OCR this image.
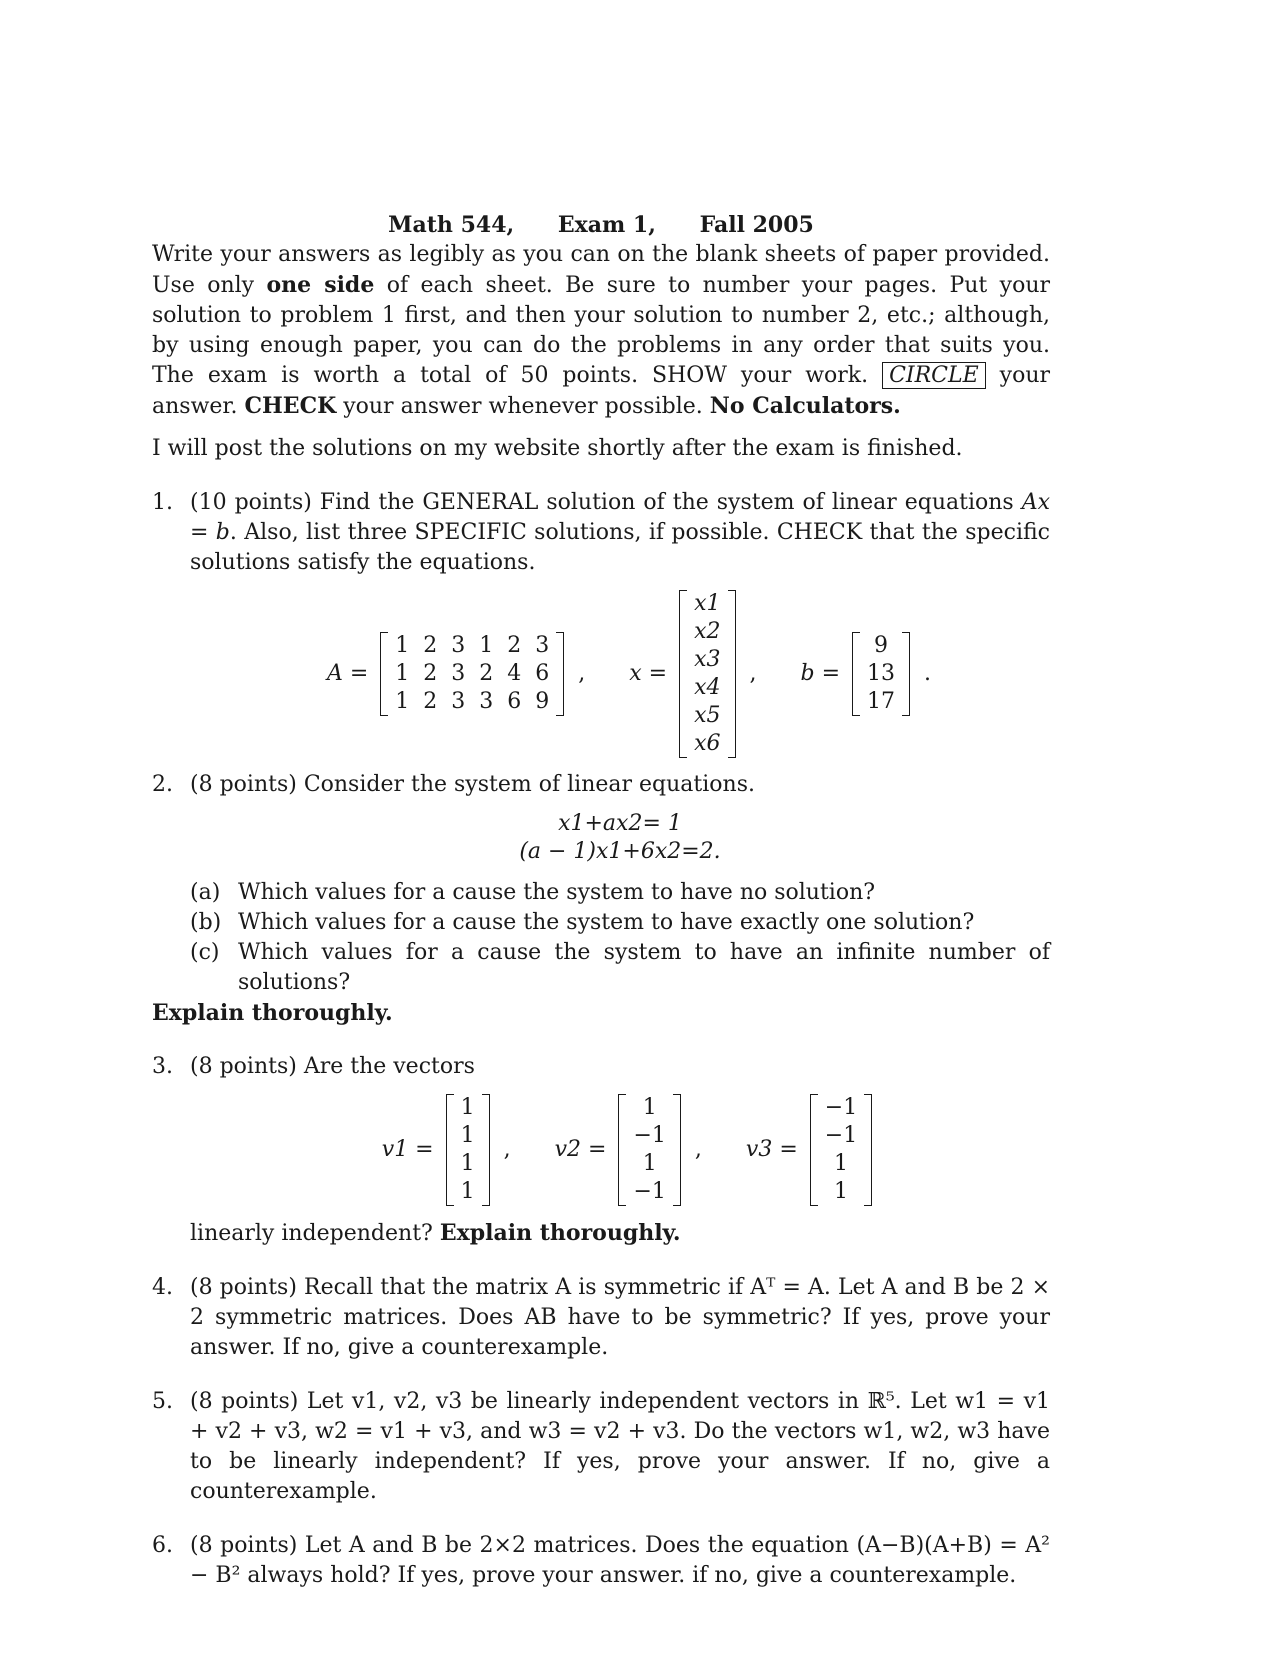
Math 544, Exam 1, Fall 2005

Write your answers as legibly as you can on the blank sheets of paper provided. Use only one side of each sheet. Be sure to number your pages. Put your solution to problem 1 first, and then your solution to number 2, etc.; although, by using enough paper, you can do the problems in any order that suits you. The exam is worth a total of 50 points. SHOW your work. CIRCLE your answer. CHECK your answer whenever possible. No Calculators.

I will post the solutions on my website shortly after the exam is finished.

1. (10 points) Find the GENERAL solution of the system of linear equations Ax = b. Also, list three SPECIFIC solutions, if possible. CHECK that the specific solutions satisfy the equations.

A =
1	2	3	1	2	3
1	2	3	2	4	6
1	2	3	3	6	9
, x =
x1
x2
x3
x4
x5
x6
, b =
9
13
17
.
2. (8 points) Consider the system of linear equations.

x1+ax2= 1
(a − 1)x1+6x2=2.
(a) Which values for a cause the system to have no solution?

(b) Which values for a cause the system to have exactly one solution?

(c) Which values for a cause the system to have an infinite number of solutions?

Explain thoroughly.
3. (8 points) Are the vectors

v1 =
1
1
1
1
, v2 =
1
−1
1
−1
, v3 =
−1
−1
1
1

linearly independent? Explain thoroughly.

4. (8 points) Recall that the matrix A is symmetric if Aᵀ = A. Let A and B be 2 × 2 symmetric matrices. Does AB have to be symmetric? If yes, prove your answer. If no, give a counterexample.

5. (8 points) Let v1, v2, v3 be linearly independent vectors in ℝ⁵. Let w1 = v1 + v2 + v3, w2 = v1 + v3, and w3 = v2 + v3. Do the vectors w1, w2, w3 have to be linearly independent? If yes, prove your answer. If no, give a counterexample.

6. (8 points) Let A and B be 2×2 matrices. Does the equation (A−B)(A+B) = A² − B² always hold? If yes, prove your answer. if no, give a counterexample.
